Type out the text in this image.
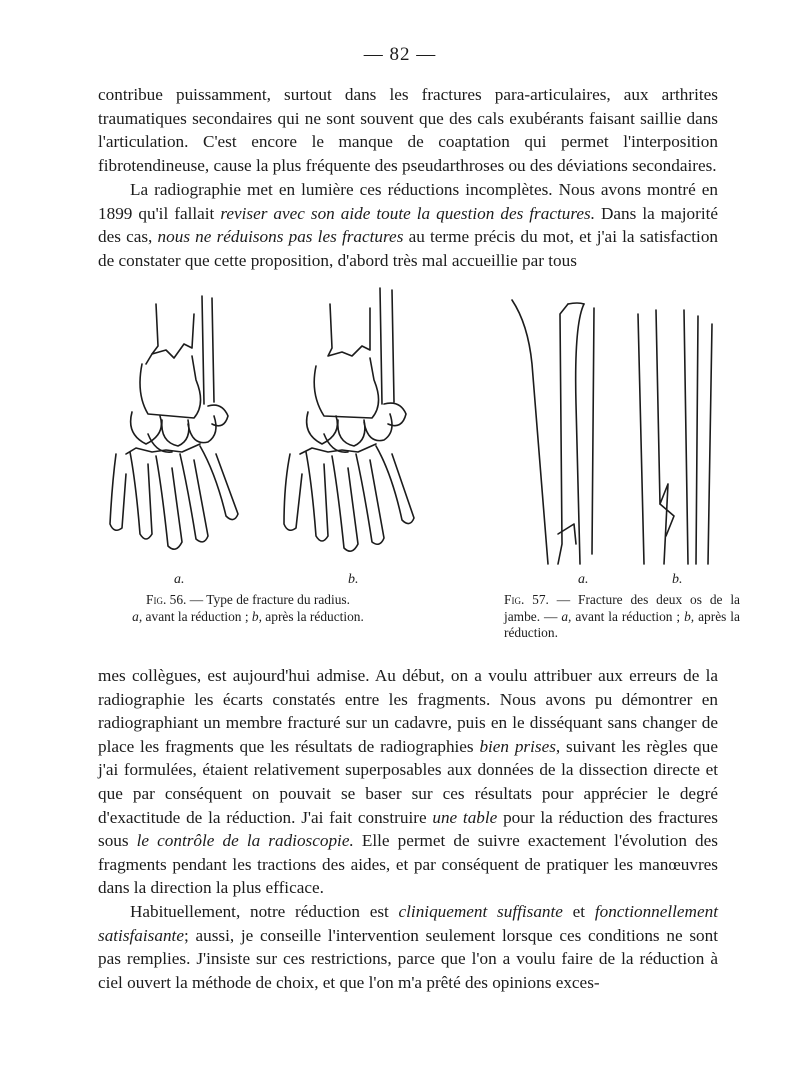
— 82 —

contribue puissamment, surtout dans les fractures para-articulaires, aux arthrites traumatiques secondaires qui ne sont souvent que des cals exubérants faisant saillie dans l'articulation. C'est encore le manque de coaptation qui permet l'interposition fibrotendineuse, cause la plus fréquente des pseudarthroses ou des déviations secondaires.

La radiographie met en lumière ces réductions incomplètes. Nous avons montré en 1899 qu'il fallait reviser avec son aide toute la question des fractures. Dans la majorité des cas, nous ne réduisons pas les fractures au terme précis du mot, et j'ai la satisfaction de constater que cette proposition, d'abord très mal accueillie par tous

a.	b.	a.	b.
Fig. 56. — Type de fracture du radius.
a, avant la réduction ; b, après la réduction.
Fig. 57. — Fracture des deux os de la jambe. — a, avant la réduction ; b, après la réduction.

mes collègues, est aujourd'hui admise. Au début, on a voulu attribuer aux erreurs de la radiographie les écarts constatés entre les fragments. Nous avons pu démontrer en radiographiant un membre fracturé sur un cadavre, puis en le disséquant sans changer de place les fragments que les résultats de radiographies bien prises, suivant les règles que j'ai formulées, étaient relativement superposables aux données de la dissection directe et que par conséquent on pouvait se baser sur ces résultats pour apprécier le degré d'exactitude de la réduction. J'ai fait construire une table pour la réduction des fractures sous le contrôle de la radioscopie. Elle permet de suivre exactement l'évolution des fragments pendant les tractions des aides, et par conséquent de pratiquer les manœuvres dans la direction la plus efficace.

Habituellement, notre réduction est cliniquement suffisante et fonctionnellement satisfaisante; aussi, je conseille l'intervention seulement lorsque ces conditions ne sont pas remplies. J'insiste sur ces restrictions, parce que l'on a voulu faire de la réduction à ciel ouvert la méthode de choix, et que l'on m'a prêté des opinions exces-
